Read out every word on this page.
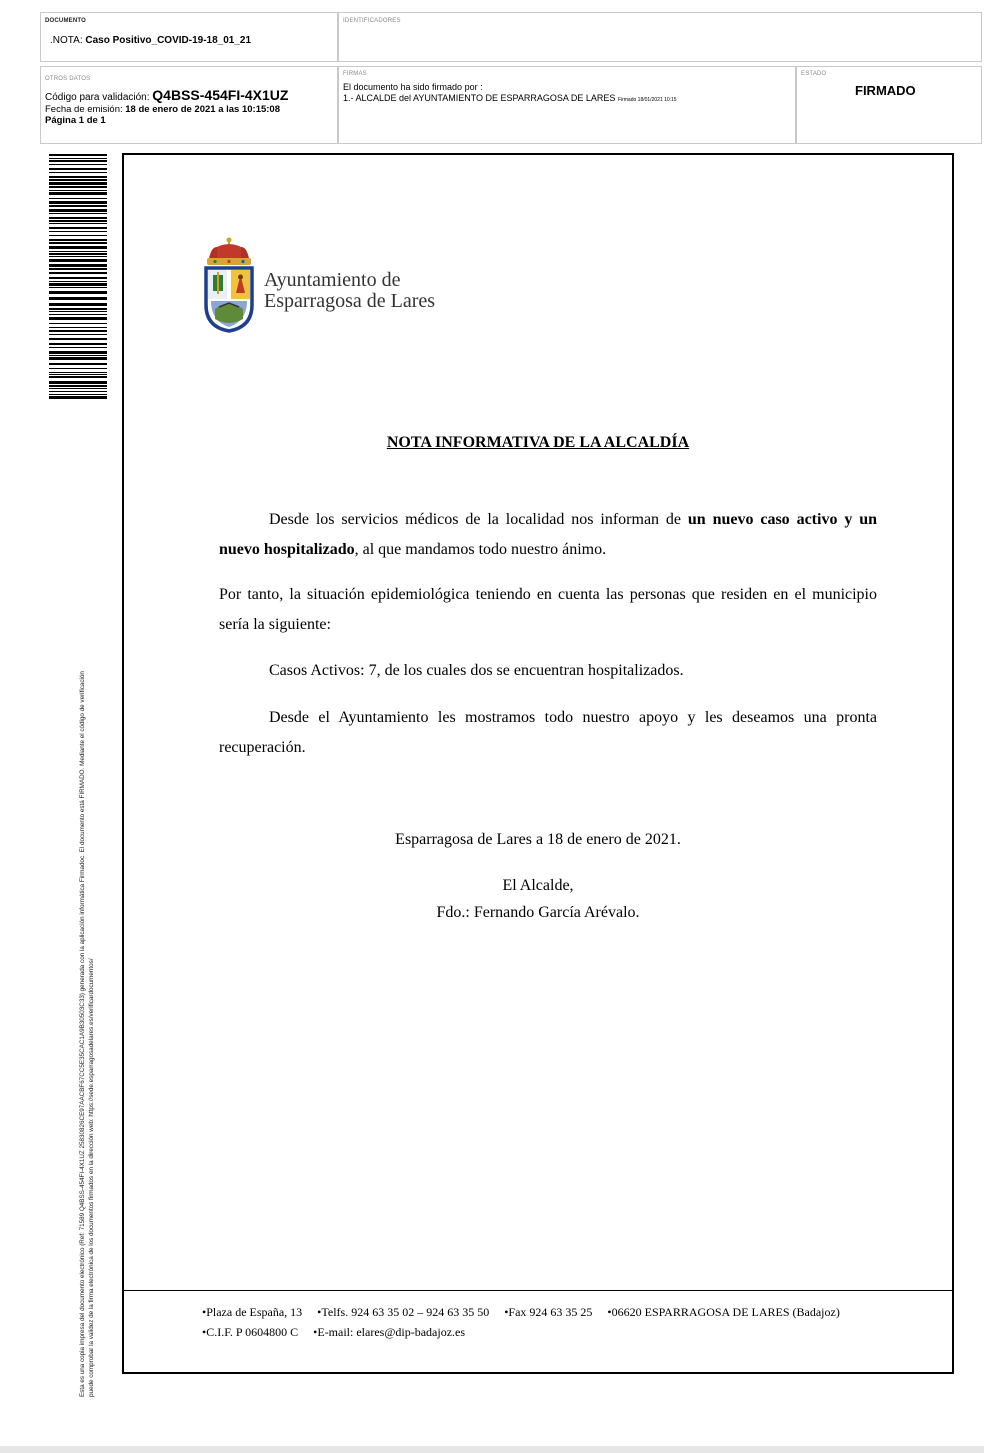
DOCUMENTO
.NOTA: Caso Positivo_COVID-19-18_01_21
IDENTIFICADORES
OTROS DATOS
Código para validación: Q4BSS-454FI-4X1UZ
Fecha de emisión: 18 de enero de 2021 a las 10:15:08
Página 1 de 1
FIRMAS
El documento ha sido firmado por :
1.- ALCALDE del AYUNTAMIENTO DE ESPARRAGOSA DE LARES Firmado 18/01/2021 10:15
ESTADO
FIRMADO
Esta es una copia impresa del documento electrónico (Ref: 71589 Q4BSS-454FI-4X1UZ 25830826CE97AACBF67CC5E35CAC1A9B30503C33) generada con la aplicación informática Firmadoc. El documento está FIRMADO. Mediante el código de verificación puede comprobar la validez de la firma electrónica de los documentos firmados en la dirección web: https://sede.esparragosadelares.es/verificardocumentos/
Ayuntamiento de
Esparragosa de Lares
NOTA INFORMATIVA DE LA ALCALDÍA
Desde los servicios médicos de la localidad nos informan de un nuevo caso activo y un nuevo hospitalizado, al que mandamos todo nuestro ánimo.
Por tanto, la situación epidemiológica teniendo en cuenta las personas que residen en el municipio sería la siguiente:
Casos Activos: 7, de los cuales dos se encuentran hospitalizados.
Desde el Ayuntamiento les mostramos todo nuestro apoyo y les deseamos una pronta recuperación.
Esparragosa de Lares a 18 de enero de 2021.
El Alcalde,
Fdo.: Fernando García Arévalo.
•Plaza de España, 13 •Telfs. 924 63 35 02 – 924 63 35 50 •Fax 924 63 35 25 •06620 ESPARRAGOSA DE LARES (Badajoz)
•C.I.F. P 0604800 C •E-mail: elares@dip-badajoz.es
